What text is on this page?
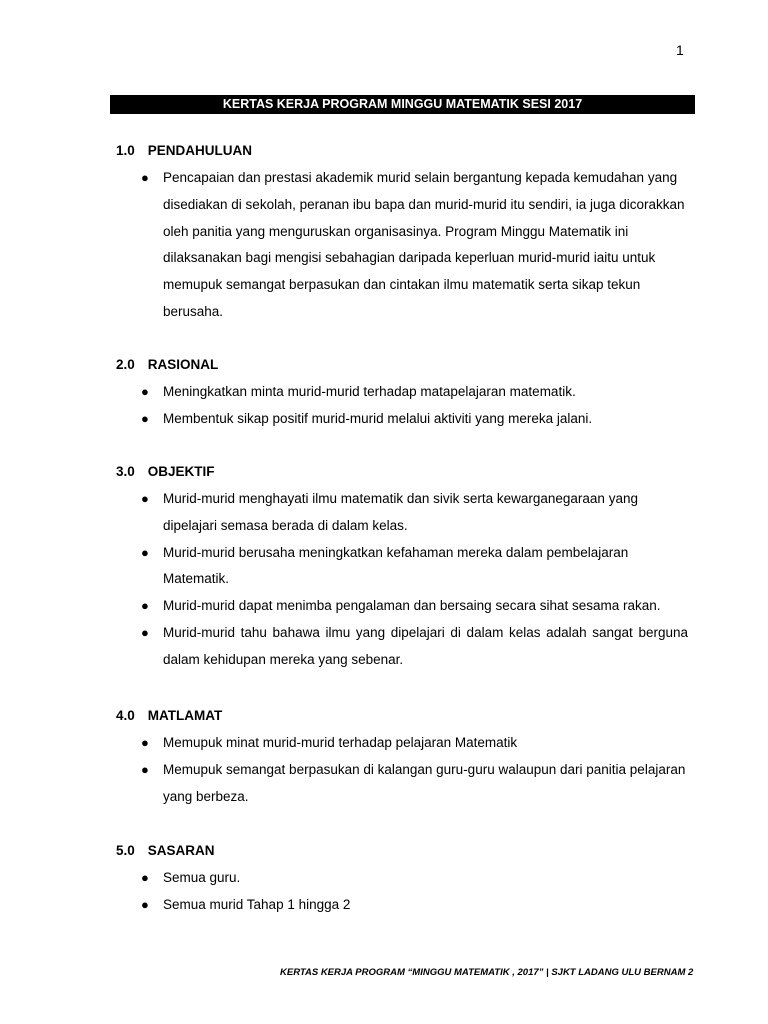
1
KERTAS KERJA PROGRAM MINGGU MATEMATIK SESI 2017
1.0 PENDAHULUAN
● Pencapaian dan prestasi akademik murid selain bergantung kepada kemudahan yang disediakan di sekolah, peranan ibu bapa dan murid-murid itu sendiri, ia juga dicorakkan oleh panitia yang menguruskan organisasinya. Program Minggu Matematik ini dilaksanakan bagi mengisi sebahagian daripada keperluan murid-murid iaitu untuk memupuk semangat berpasukan dan cintakan ilmu matematik serta sikap tekun berusaha.
2.0 RASIONAL
● Meningkatkan minta murid-murid terhadap matapelajaran matematik.
● Membentuk sikap positif murid-murid melalui aktiviti yang mereka jalani.
3.0 OBJEKTIF
● Murid-murid menghayati ilmu matematik dan sivik serta kewarganegaraan yang dipelajari semasa berada di dalam kelas.
● Murid-murid berusaha meningkatkan kefahaman mereka dalam pembelajaran Matematik.
● Murid-murid dapat menimba pengalaman dan bersaing secara sihat sesama rakan.
● Murid-murid tahu bahawa ilmu yang dipelajari di dalam kelas adalah sangat berguna dalam kehidupan mereka yang sebenar.
4.0 MATLAMAT
● Memupuk minat murid-murid terhadap pelajaran Matematik
● Memupuk semangat berpasukan di kalangan guru-guru walaupun dari panitia pelajaran yang berbeza.
5.0 SASARAN
● Semua guru.
● Semua murid Tahap 1 hingga 2
KERTAS KERJA PROGRAM “MINGGU MATEMATIK , 2017” | SJKT LADANG ULU BERNAM 2
